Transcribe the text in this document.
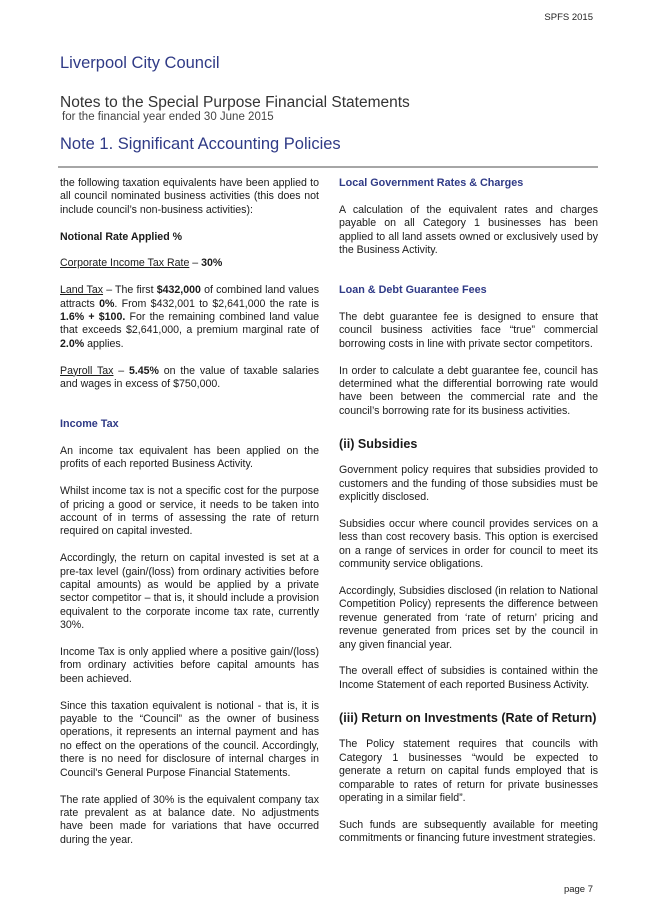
SPFS 2015
Liverpool City Council
Notes to the Special Purpose Financial Statements
for the financial year ended 30 June 2015
Note 1. Significant Accounting Policies

the following taxation equivalents have been applied to all council nominated business activities (this does not include council’s non-business activities):

Notional Rate Applied %

Corporate Income Tax Rate – 30%

Land Tax – The first $432,000 of combined land values attracts 0%. From $432,001 to $2,641,000 the rate is 1.6% + $100. For the remaining combined land value that exceeds $2,641,000, a premium marginal rate of 2.0% applies.

Payroll Tax – 5.45% on the value of taxable salaries and wages in excess of $750,000.

Income Tax

An income tax equivalent has been applied on the profits of each reported Business Activity.

Whilst income tax is not a specific cost for the purpose of pricing a good or service, it needs to be taken into account of in terms of assessing the rate of return required on capital invested.

Accordingly, the return on capital invested is set at a pre-tax level (gain/(loss) from ordinary activities before capital amounts) as would be applied by a private sector competitor – that is, it should include a provision equivalent to the corporate income tax rate, currently 30%.

Income Tax is only applied where a positive gain/(loss) from ordinary activities before capital amounts has been achieved.

Since this taxation equivalent is notional - that is, it is payable to the “Council” as the owner of business operations, it represents an internal payment and has no effect on the operations of the council. Accordingly, there is no need for disclosure of internal charges in Council's General Purpose Financial Statements.

The rate applied of 30% is the equivalent company tax rate prevalent as at balance date. No adjustments have been made for variations that have occurred during the year.

Local Government Rates & Charges

A calculation of the equivalent rates and charges payable on all Category 1 businesses has been applied to all land assets owned or exclusively used by the Business Activity.

Loan & Debt Guarantee Fees

The debt guarantee fee is designed to ensure that council business activities face “true” commercial borrowing costs in line with private sector competitors.

In order to calculate a debt guarantee fee, council has determined what the differential borrowing rate would have been between the commercial rate and the council’s borrowing rate for its business activities.

(ii) Subsidies

Government policy requires that subsidies provided to customers and the funding of those subsidies must be explicitly disclosed.

Subsidies occur where council provides services on a less than cost recovery basis. This option is exercised on a range of services in order for council to meet its community service obligations.

Accordingly, Subsidies disclosed (in relation to National Competition Policy) represents the difference between revenue generated from ‘rate of return’ pricing and revenue generated from prices set by the council in any given financial year.

The overall effect of subsidies is contained within the Income Statement of each reported Business Activity.

(iii) Return on Investments (Rate of Return)

The Policy statement requires that councils with Category 1 businesses “would be expected to generate a return on capital funds employed that is comparable to rates of return for private businesses operating in a similar field”.

Such funds are subsequently available for meeting commitments or financing future investment strategies.

page 7
